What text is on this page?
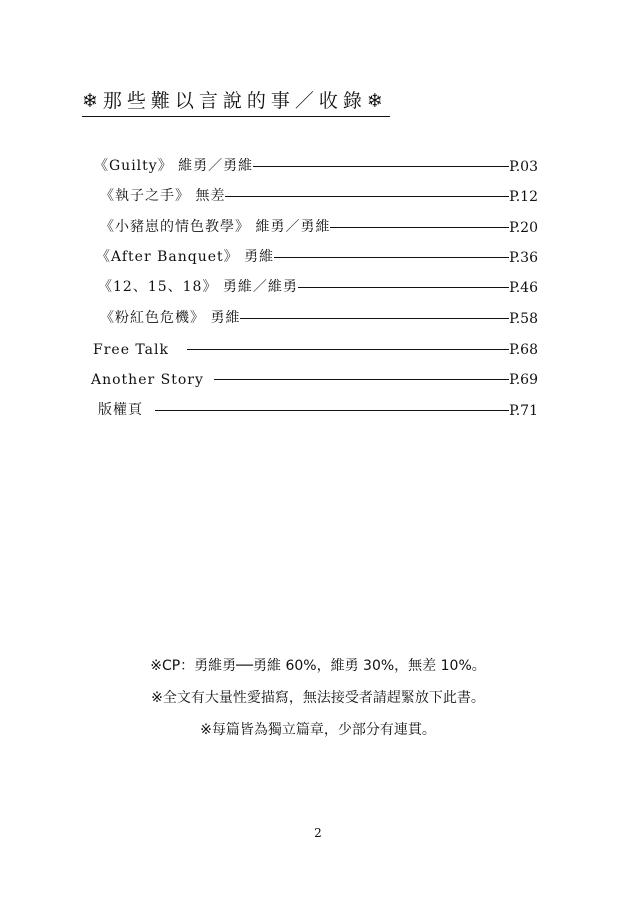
❄那些難以言說的事／收錄❄
《Guilty》 維勇／勇維	P.03
《執子之手》 無差	P.12
《小豬崽的情色教學》 維勇／勇維	P.20
《After Banquet》 勇維	P.36
《12、15、18》 勇維／維勇	P.46
《粉紅色危機》 勇維	P.58
Free Talk	P.68
Another Story	P.69
版權頁	P.71
※CP：勇維勇──勇維 60%，維勇 30%，無差 10%。
※全文有大量性愛描寫，無法接受者請趕緊放下此書。
※每篇皆為獨立篇章，少部分有連貫。
2
